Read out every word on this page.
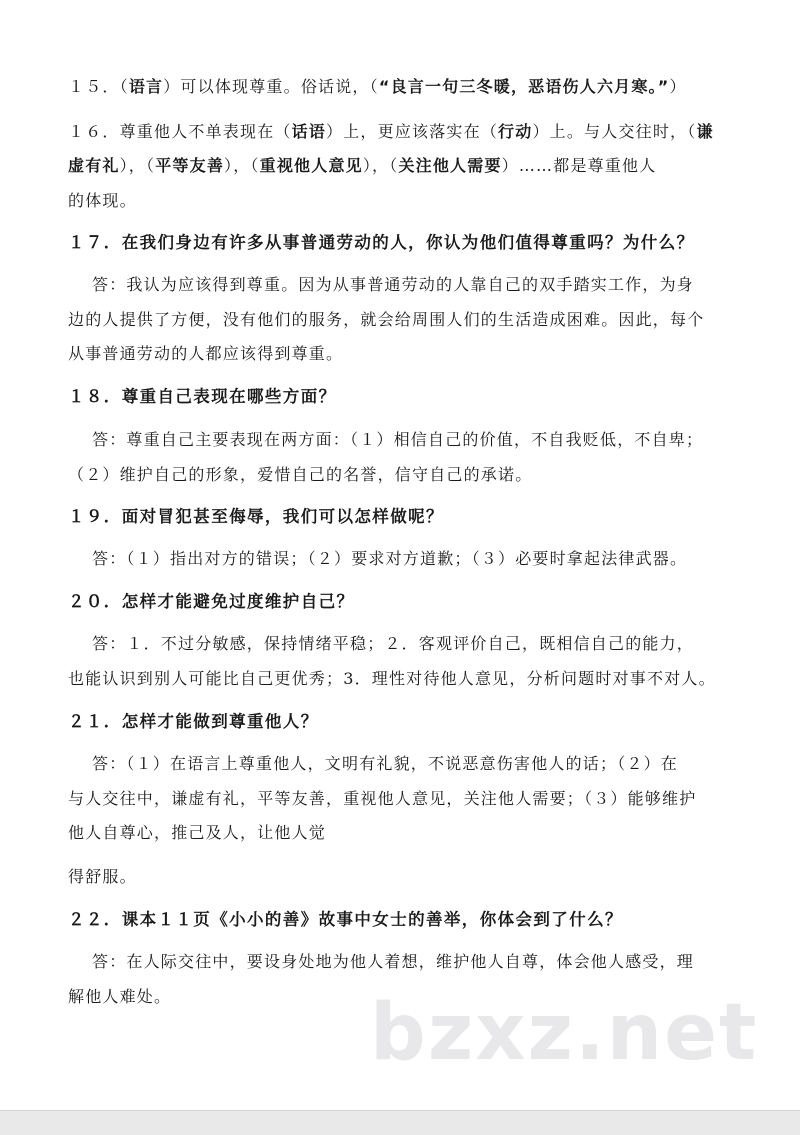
１５．（语言）可以体现尊重。俗话说，（“良言一句三冬暖，恶语伤人六月寒。”）
１６．尊重他人不单表现在（话语）上，更应该落实在（行动）上。与人交往时，（谦
虚有礼），（平等友善），（重视他人意见），（关注他人需要）……都是尊重他人
的体现。
１７．在我们身边有许多从事普通劳动的人，你认为他们值得尊重吗？为什么？
答：我认为应该得到尊重。因为从事普通劳动的人靠自己的双手踏实工作，为身
边的人提供了方便，没有他们的服务，就会给周围人们的生活造成困难。因此，每个
从事普通劳动的人都应该得到尊重。
１８．尊重自己表现在哪些方面？
答：尊重自己主要表现在两方面：（１）相信自己的价值，不自我贬低，不自卑；
（２）维护自己的形象，爱惜自己的名誉，信守自己的承诺。
１９．面对冒犯甚至侮辱，我们可以怎样做呢？
答：（１）指出对方的错误；（２）要求对方道歉；（３）必要时拿起法律武器。
２０．怎样才能避免过度维护自己？
答：１．不过分敏感，保持情绪平稳；２．客观评价自己，既相信自己的能力，
也能认识到别人可能比自己更优秀；3．理性对待他人意见，分析问题时对事不对人。
２１．怎样才能做到尊重他人？
答：（１）在语言上尊重他人，文明有礼貌，不说恶意伤害他人的话；（２）在
与人交往中，谦虚有礼，平等友善，重视他人意见，关注他人需要；（３）能够维护
他人自尊心，推己及人，让他人觉
得舒服。
２２．课本１１页《小小的善》故事中女士的善举，你体会到了什么？
答：在人际交往中，要设身处地为他人着想，维护他人自尊，体会他人感受，理
解他人难处。	bzxz.net
